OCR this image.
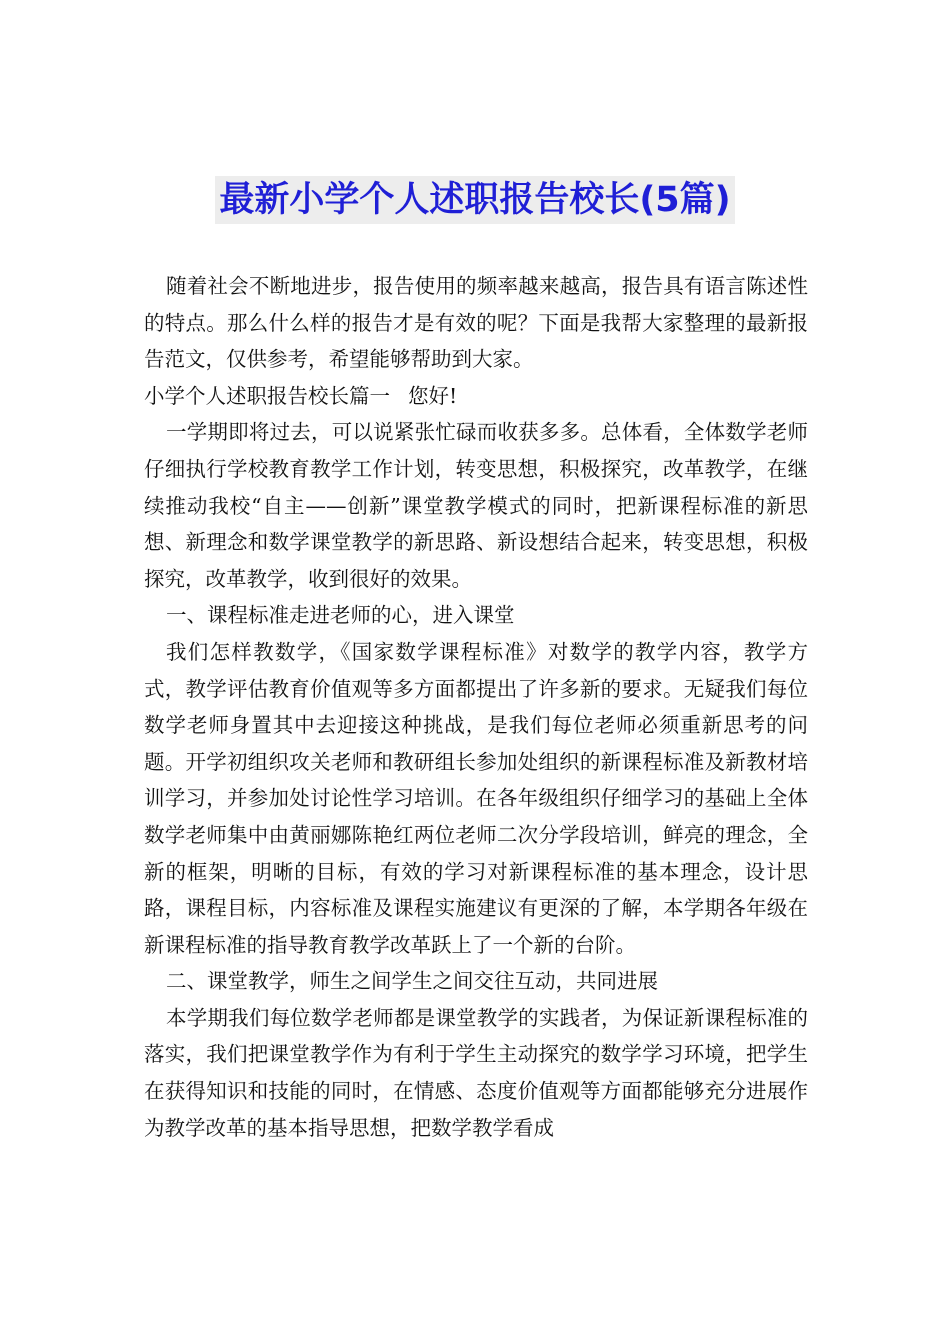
最新小学个人述职报告校长(5篇)

随着社会不断地进步，报告使用的频率越来越高，报告具有语言陈述性的特点。那么什么样的报告才是有效的呢？下面是我帮大家整理的最新报告范文，仅供参考，希望能够帮助到大家。

小学个人述职报告校长篇一 您好!

一学期即将过去，可以说紧张忙碌而收获多多。总体看，全体数学老师仔细执行学校教育教学工作计划，转变思想，积极探究，改革教学，在继续推动我校“自主——创新”课堂教学模式的同时，把新课程标准的新思想、新理念和数学课堂教学的新思路、新设想结合起来，转变思想，积极探究，改革教学，收到很好的效果。

一、课程标准走进老师的心，进入课堂

我们怎样教数学，《国家数学课程标准》对数学的教学内容，教学方式，教学评估教育价值观等多方面都提出了许多新的要求。无疑我们每位数学老师身置其中去迎接这种挑战，是我们每位老师必须重新思考的问题。开学初组织攻关老师和教研组长参加处组织的新课程标准及新教材培训学习，并参加处讨论性学习培训。在各年级组织仔细学习的基础上全体数学老师集中由黄丽娜陈艳红两位老师二次分学段培训，鲜亮的理念，全新的框架，明晰的目标，有效的学习对新课程标准的基本理念，设计思路，课程目标，内容标准及课程实施建议有更深的了解，本学期各年级在新课程标准的指导教育教学改革跃上了一个新的台阶。

二、课堂教学，师生之间学生之间交往互动，共同进展

本学期我们每位数学老师都是课堂教学的实践者，为保证新课程标准的落实，我们把课堂教学作为有利于学生主动探究的数学学习环境，把学生在获得知识和技能的同时，在情感、态度价值观等方面都能够充分进展作为教学改革的基本指导思想，把数学教学看成
